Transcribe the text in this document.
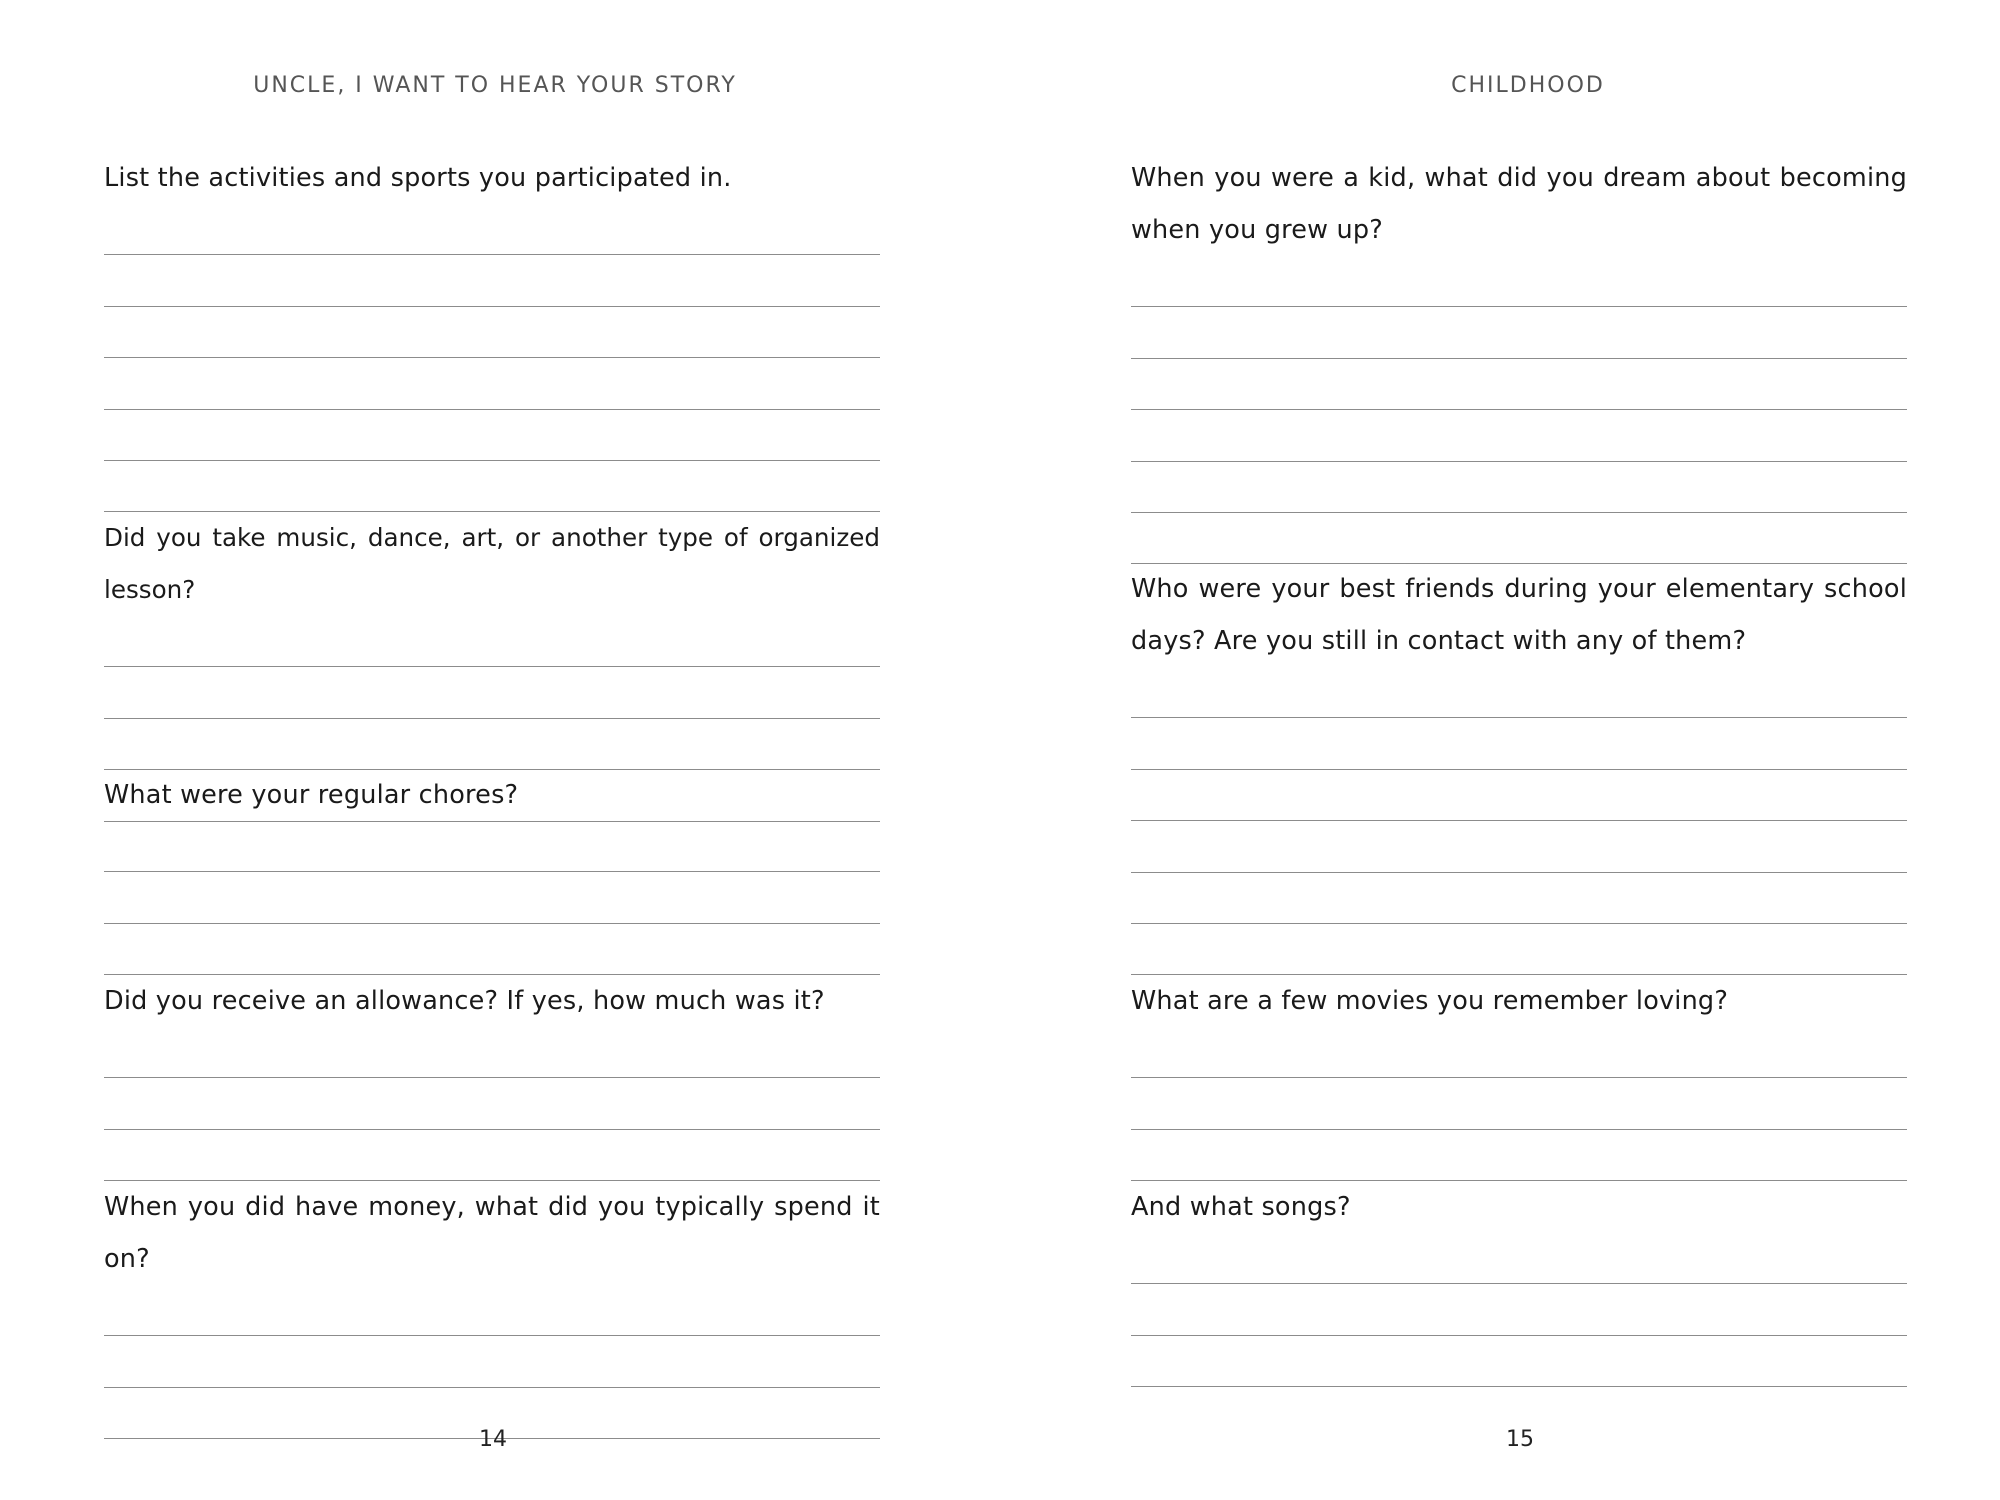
UNCLE, I WANT TO HEAR YOUR STORY

List the activities and sports you participated in.

Did you take music, dance, art, or another type of organized lesson?

What were your regular chores?

Did you receive an allowance? If yes, how much was it?

When you did have money, what did you typically spend it on?

14
CHILDHOOD

When you were a kid, what did you dream about becoming when you grew up?

Who were your best friends during your elementary school days? Are you still in contact with any of them?

What are a few movies you remember loving?

And what songs?

15
